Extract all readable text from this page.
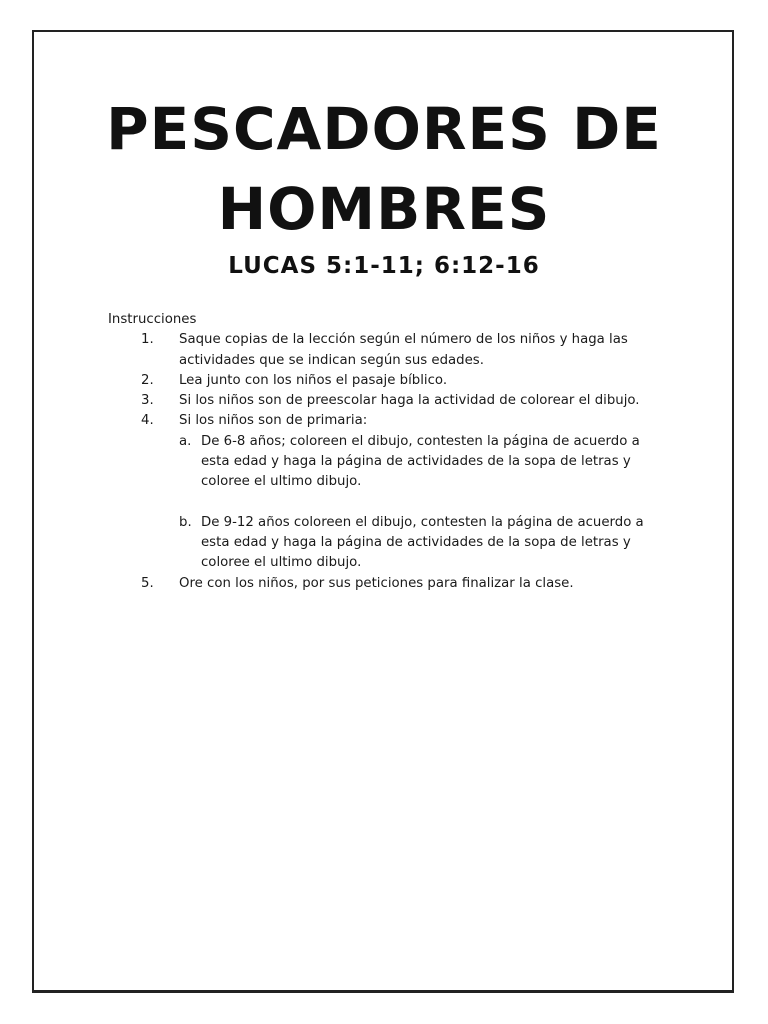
PESCADORES DE
HOMBRES
LUCAS 5:1-11; 6:12-16
Instrucciones
1.	Saque copias de la lección según el número de los niños y haga las actividades que se indican según sus edades.
2.	Lea junto con los niños el pasaje bíblico.
3.	Si los niños son de preescolar haga la actividad de colorear el dibujo.
4.	Si los niños son de primaria:
a. De 6-8 años; coloreen el dibujo, contesten la página de acuerdo a esta edad y haga la página de actividades de la sopa de letras y coloree el ultimo dibujo.
b. De 9-12 años coloreen el dibujo, contesten la página de acuerdo a esta edad y haga la página de actividades de la sopa de letras y coloree el ultimo dibujo.
5.	Ore con los niños, por sus peticiones para finalizar la clase.
